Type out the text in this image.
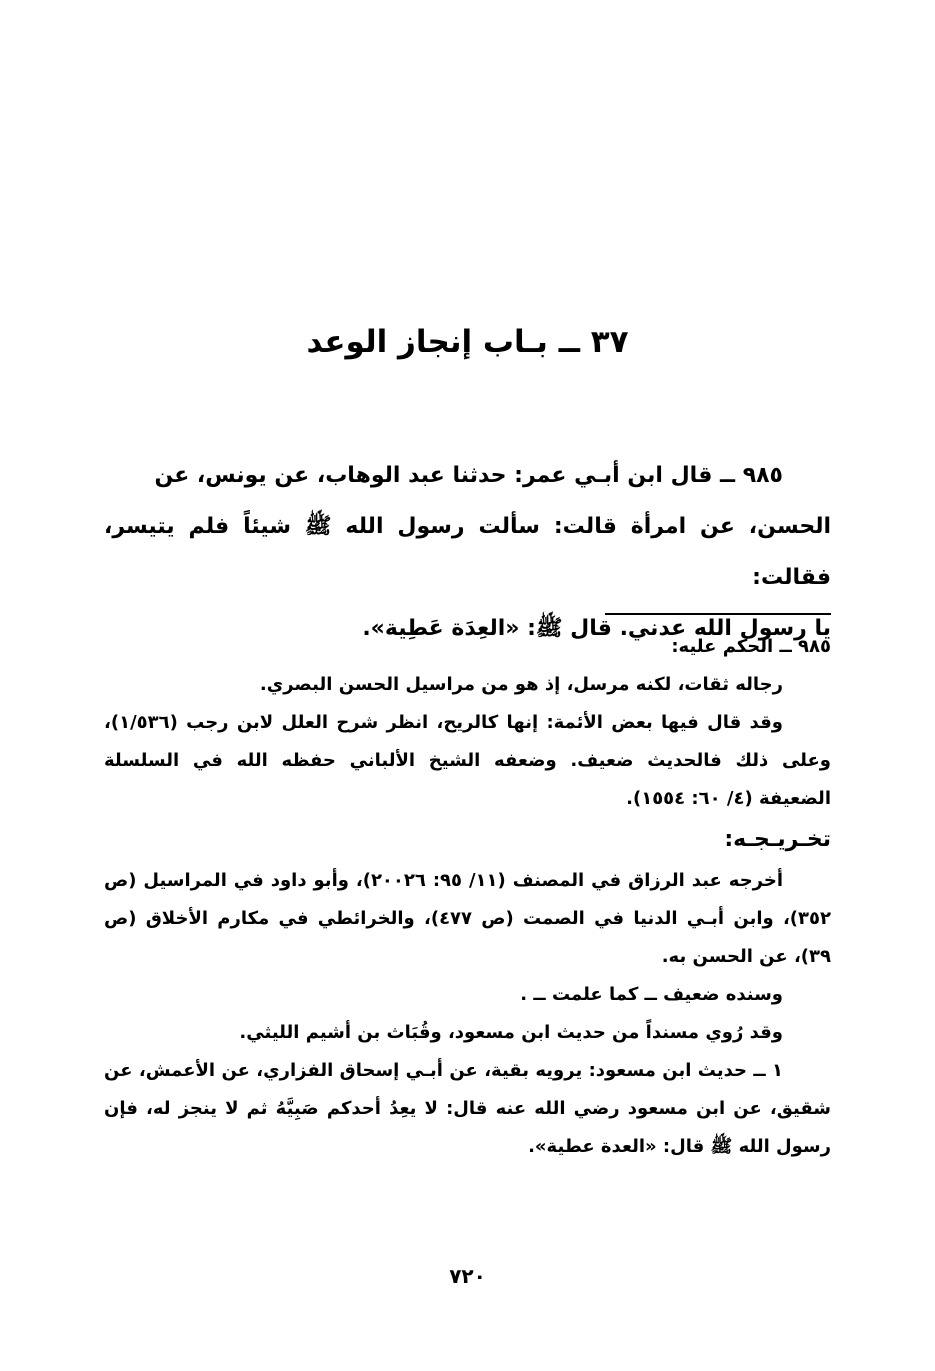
٣٧ ــ بـاب إنجاز الوعد

٩٨٥ ــ قال ابن أبـي عمر: حدثنا عبد الوهاب، عن يونس، عن

الحسن، عن امرأة قالت: سألت رسول الله ﷺ شيئاً فلم يتيسر، فقالت:

يا رسول الله عدني. قال ﷺ: «العِدَة عَطِية».

٩٨٥ ــ الحكم عليه:

رجاله ثقات، لكنه مرسل، إذ هو من مراسيل الحسن البصري.

وقد قال فيها بعض الأئمة: إنها كالريح، انظر شرح العلل لابن رجب (١/٥٣٦)، وعلى ذلك فالحديث ضعيف. وضعفه الشيخ الألباني حفظه الله في السلسلة الضعيفة (٤/ ٦٠: ١٥٥٤).

تخـريـجـه:

أخرجه عبد الرزاق في المصنف (١١/ ٩٥: ٢٠٠٢٦)، وأبو داود في المراسيل (ص ٣٥٢)، وابن أبـي الدنيا في الصمت (ص ٤٧٧)، والخرائطي في مكارم الأخلاق (ص ٣٩)، عن الحسن به.

وسنده ضعيف ــ كما علمت ــ .

وقد رُوي مسنداً من حديث ابن مسعود، وقُبَاث بن أشيم الليثي.

١ ــ حديث ابن مسعود: يرويه بقية، عن أبـي إسحاق الفزاري، عن الأعمش، عن شقيق، عن ابن مسعود رضي الله عنه قال: لا يعِدُ أحدكم صَبِيَّهُ ثم لا ينجز له، فإن رسول الله ﷺ قال: «العدة عطية».

٧٢٠
